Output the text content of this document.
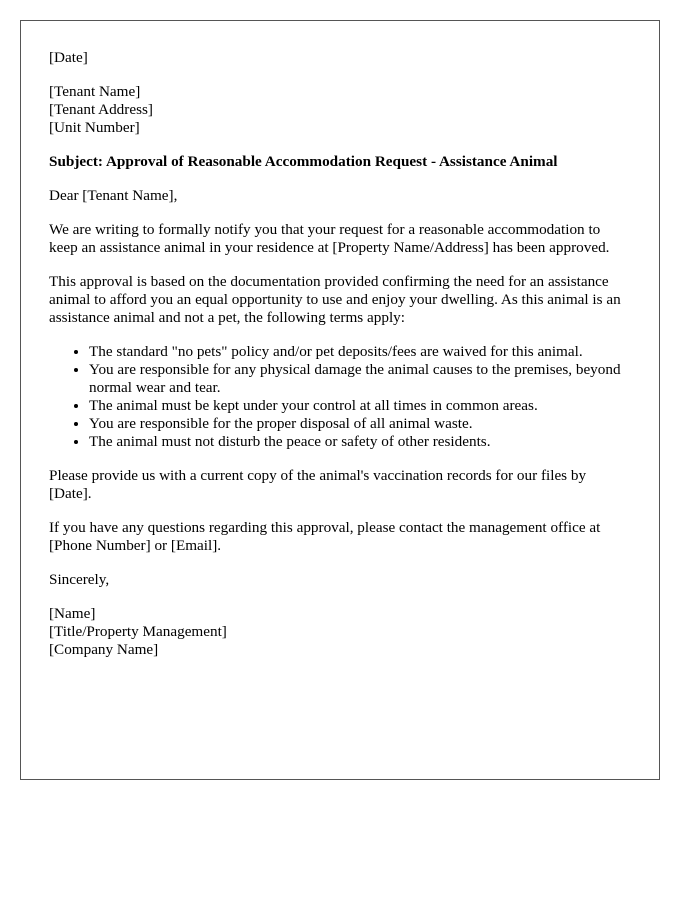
[Date]

[Tenant Name]
[Tenant Address]
[Unit Number]

Subject: Approval of Reasonable Accommodation Request - Assistance Animal

Dear [Tenant Name],

We are writing to formally notify you that your request for a reasonable accommodation to keep an assistance animal in your residence at [Property Name/Address] has been approved.

This approval is based on the documentation provided confirming the need for an assistance animal to afford you an equal opportunity to use and enjoy your dwelling. As this animal is an assistance animal and not a pet, the following terms apply:

• The standard "no pets" policy and/or pet deposits/fees are waived for this animal.
• You are responsible for any physical damage the animal causes to the premises, beyond normal wear and tear.
• The animal must be kept under your control at all times in common areas.
• You are responsible for the proper disposal of all animal waste.
• The animal must not disturb the peace or safety of other residents.

Please provide us with a current copy of the animal's vaccination records for our files by [Date].

If you have any questions regarding this approval, please contact the management office at [Phone Number] or [Email].

Sincerely,

[Name]
[Title/Property Management]
[Company Name]
